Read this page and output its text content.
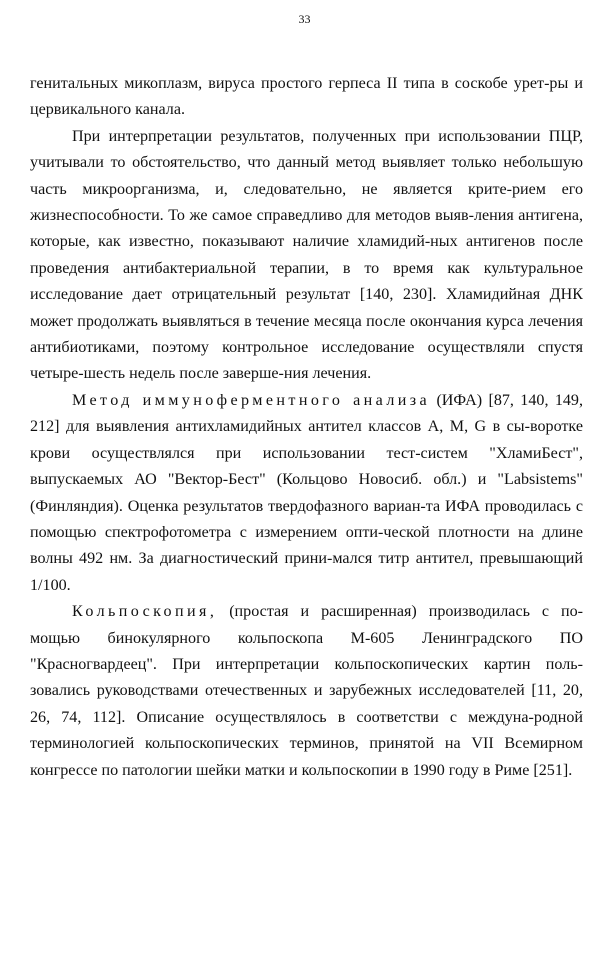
33

генитальных микоплазм, вируса простого герпеса II типа в соскобе урет-ры и цервикального канала.

При интерпретации результатов, полученных при использовании ПЦР, учитывали то обстоятельство, что данный метод выявляет только небольшую часть микроорганизма, и, следовательно, не является крите-рием его жизнеспособности. То же самое справедливо для методов выяв-ления антигена, которые, как известно, показывают наличие хламидий-ных антигенов после проведения антибактериальной терапии, в то время как культуральное исследование дает отрицательный результат [140, 230]. Хламидийная ДНК может продолжать выявляться в течение месяца после окончания курса лечения антибиотиками, поэтому контрольное исследование осуществляли спустя четыре-шесть недель после заверше-ния лечения.

Метод иммуноферментного анализа (ИФА) [87, 140, 149, 212] для выявления антихламидийных антител классов A, M, G в сы-воротке крови осуществлялся при использовании тест-систем "ХламиБест", выпускаемых АО "Вектор-Бест" (Кольцово Новосиб. обл.) и "Labsistems" (Финляндия). Оценка результатов твердофазного вариан-та ИФА проводилась с помощью спектрофотометра с измерением опти-ческой плотности на длине волны 492 нм. За диагностический прини-мался титр антител, превышающий 1/100.

Кольпоскопия, (простая и расширенная) производилась с по-мощью бинокулярного кольпоскопа М-605 Ленинградского ПО "Красногвардеец". При интерпретации кольпоскопических картин поль-зовались руководствами отечественных и зарубежных исследователей [11, 20, 26, 74, 112]. Описание осуществлялось в соответстви с междуна-родной терминологией кольпоскопических терминов, принятой на VII Всемирном конгрессе по патологии шейки матки и кольпоскопии в 1990 году в Риме [251].
